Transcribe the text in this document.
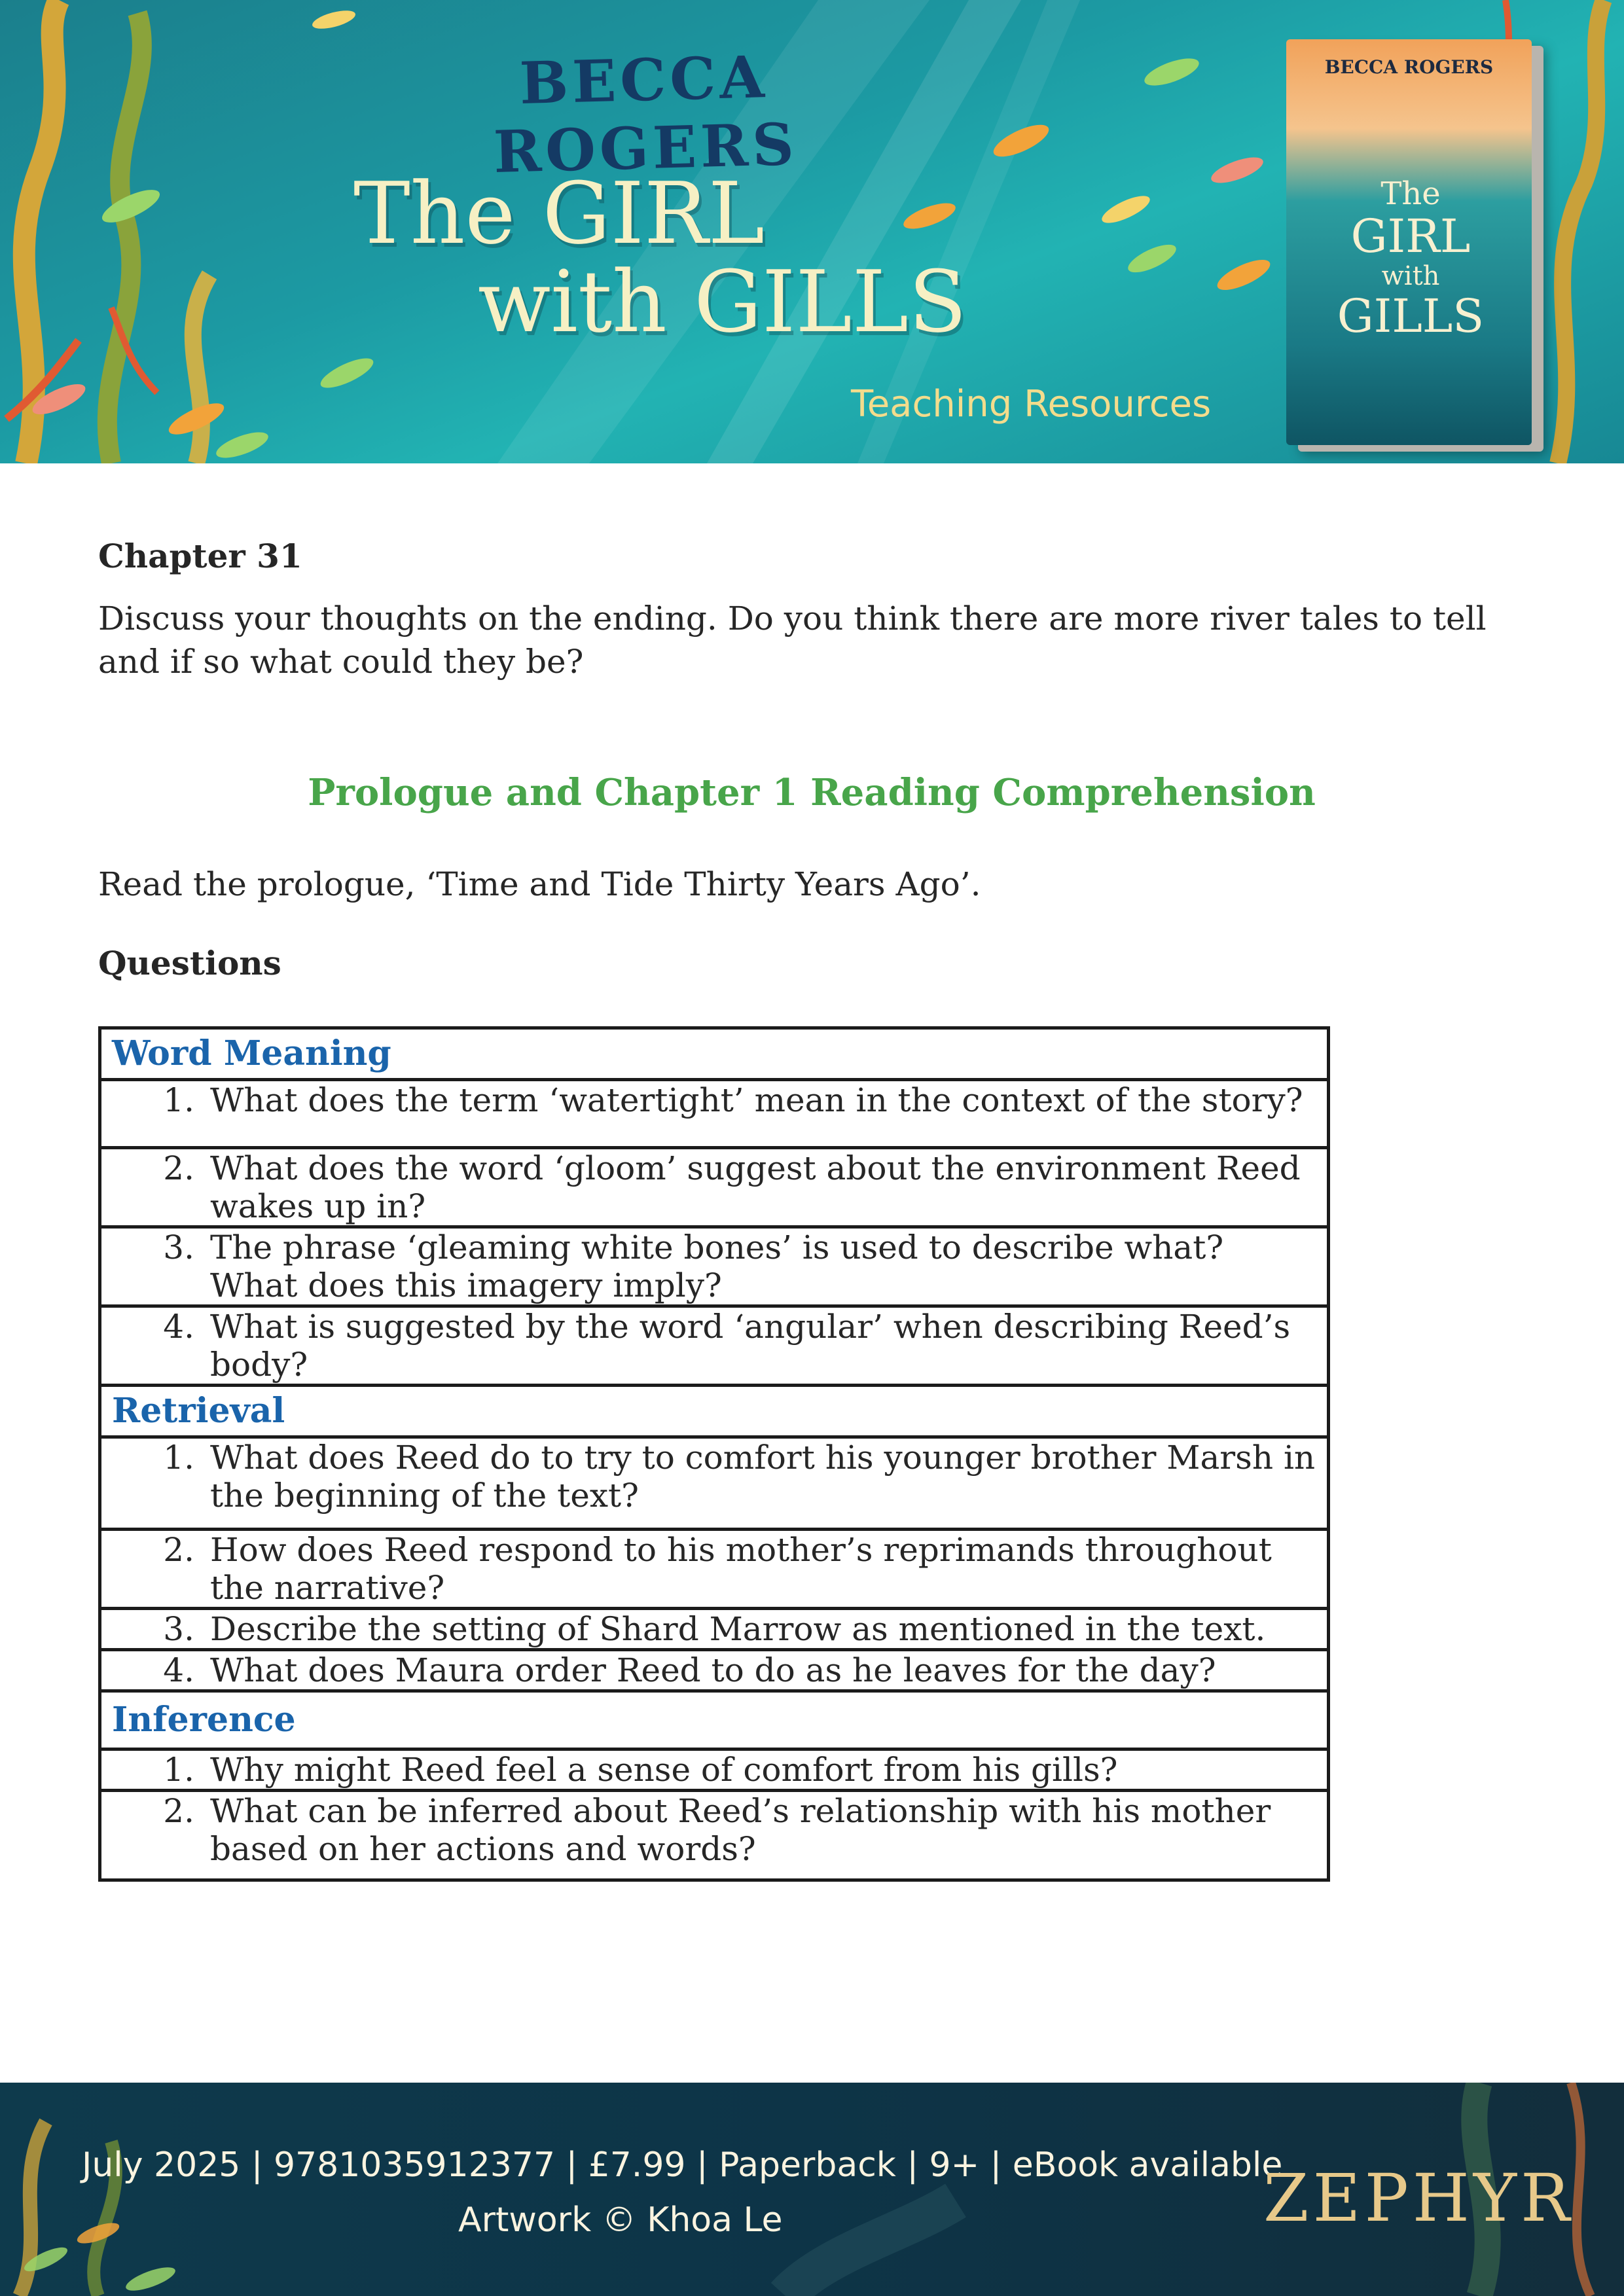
BECCA ROGERS
The GIRL
with GILLS
Teaching Resources
BECCA ROGERS
The
GIRL
with
GILLS
Chapter 31
Discuss your thoughts on the ending. Do you think there are more river tales to tell and if so what could they be?
Prologue and Chapter 1 Reading Comprehension
Read the prologue, ‘Time and Tide Thirty Years Ago’.
Questions
Word Meaning

1. What does the term ‘watertight’ mean in the context of the story?

2. What does the word ‘gloom’ suggest about the environment Reed wakes up in?

3. The phrase ‘gleaming white bones’ is used to describe what? What does this imagery imply?

4. What is suggested by the word ‘angular’ when describing Reed’s body?

Retrieval

1. What does Reed do to try to comfort his younger brother Marsh in the beginning of the text?

2. How does Reed respond to his mother’s reprimands throughout the narrative?

3. Describe the setting of Shard Marrow as mentioned in the text.

4. What does Maura order Reed to do as he leaves for the day?

Inference

1. Why might Reed feel a sense of comfort from his gills?

2. What can be inferred about Reed’s relationship with his mother based on her actions and words?
July 2025 | 9781035912377 | £7.99 | Paperback | 9+ | eBook available
Artwork © Khoa Le	ZEPHYR
